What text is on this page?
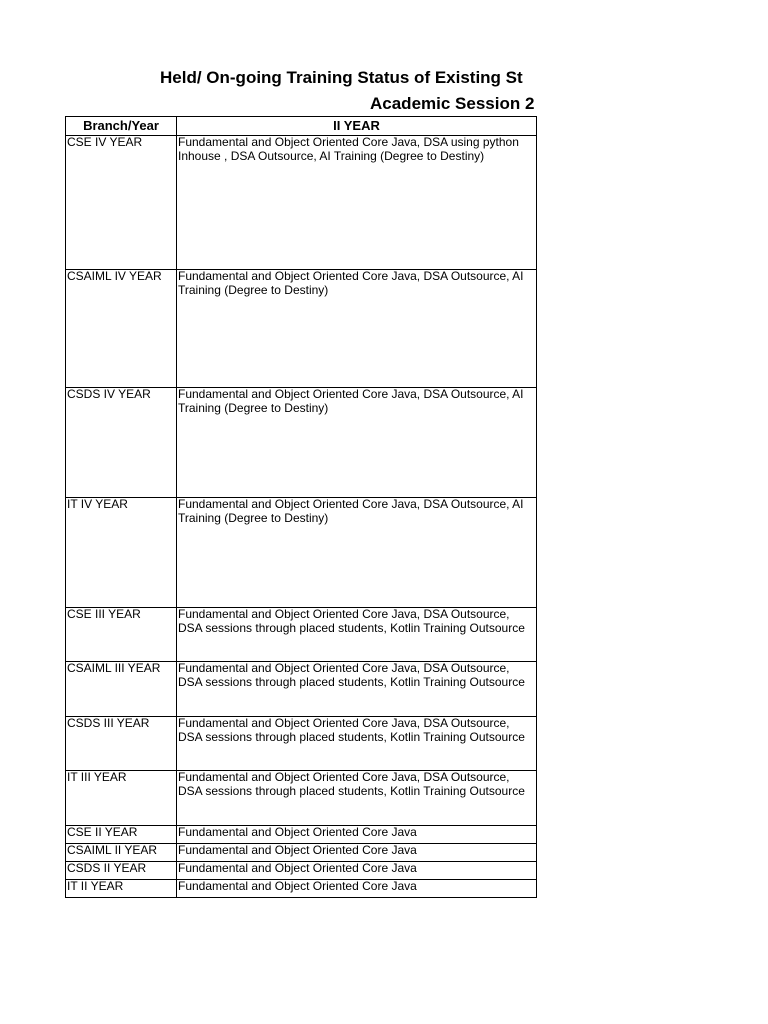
Held/ On-going Training Status of Existing St
Academic Session 2
Branch/Year	II YEAR
CSE IV YEAR	Fundamental and Object Oriented Core Java, DSA using python Inhouse , DSA Outsource, AI Training (Degree to Destiny)
CSAIML IV YEAR	Fundamental and Object Oriented Core Java, DSA Outsource, AI Training (Degree to Destiny)
CSDS IV YEAR	Fundamental and Object Oriented Core Java, DSA Outsource, AI Training (Degree to Destiny)
IT IV YEAR	Fundamental and Object Oriented Core Java, DSA Outsource, AI Training (Degree to Destiny)
CSE III YEAR	Fundamental and Object Oriented Core Java, DSA Outsource, DSA sessions through placed students, Kotlin Training Outsource
CSAIML III YEAR	Fundamental and Object Oriented Core Java, DSA Outsource, DSA sessions through placed students, Kotlin Training Outsource
CSDS III YEAR	Fundamental and Object Oriented Core Java, DSA Outsource, DSA sessions through placed students, Kotlin Training Outsource
IT III YEAR	Fundamental and Object Oriented Core Java, DSA Outsource, DSA sessions through placed students, Kotlin Training Outsource
CSE II YEAR	Fundamental and Object Oriented Core Java
CSAIML II YEAR	Fundamental and Object Oriented Core Java
CSDS II YEAR	Fundamental and Object Oriented Core Java
IT II YEAR	Fundamental and Object Oriented Core Java
